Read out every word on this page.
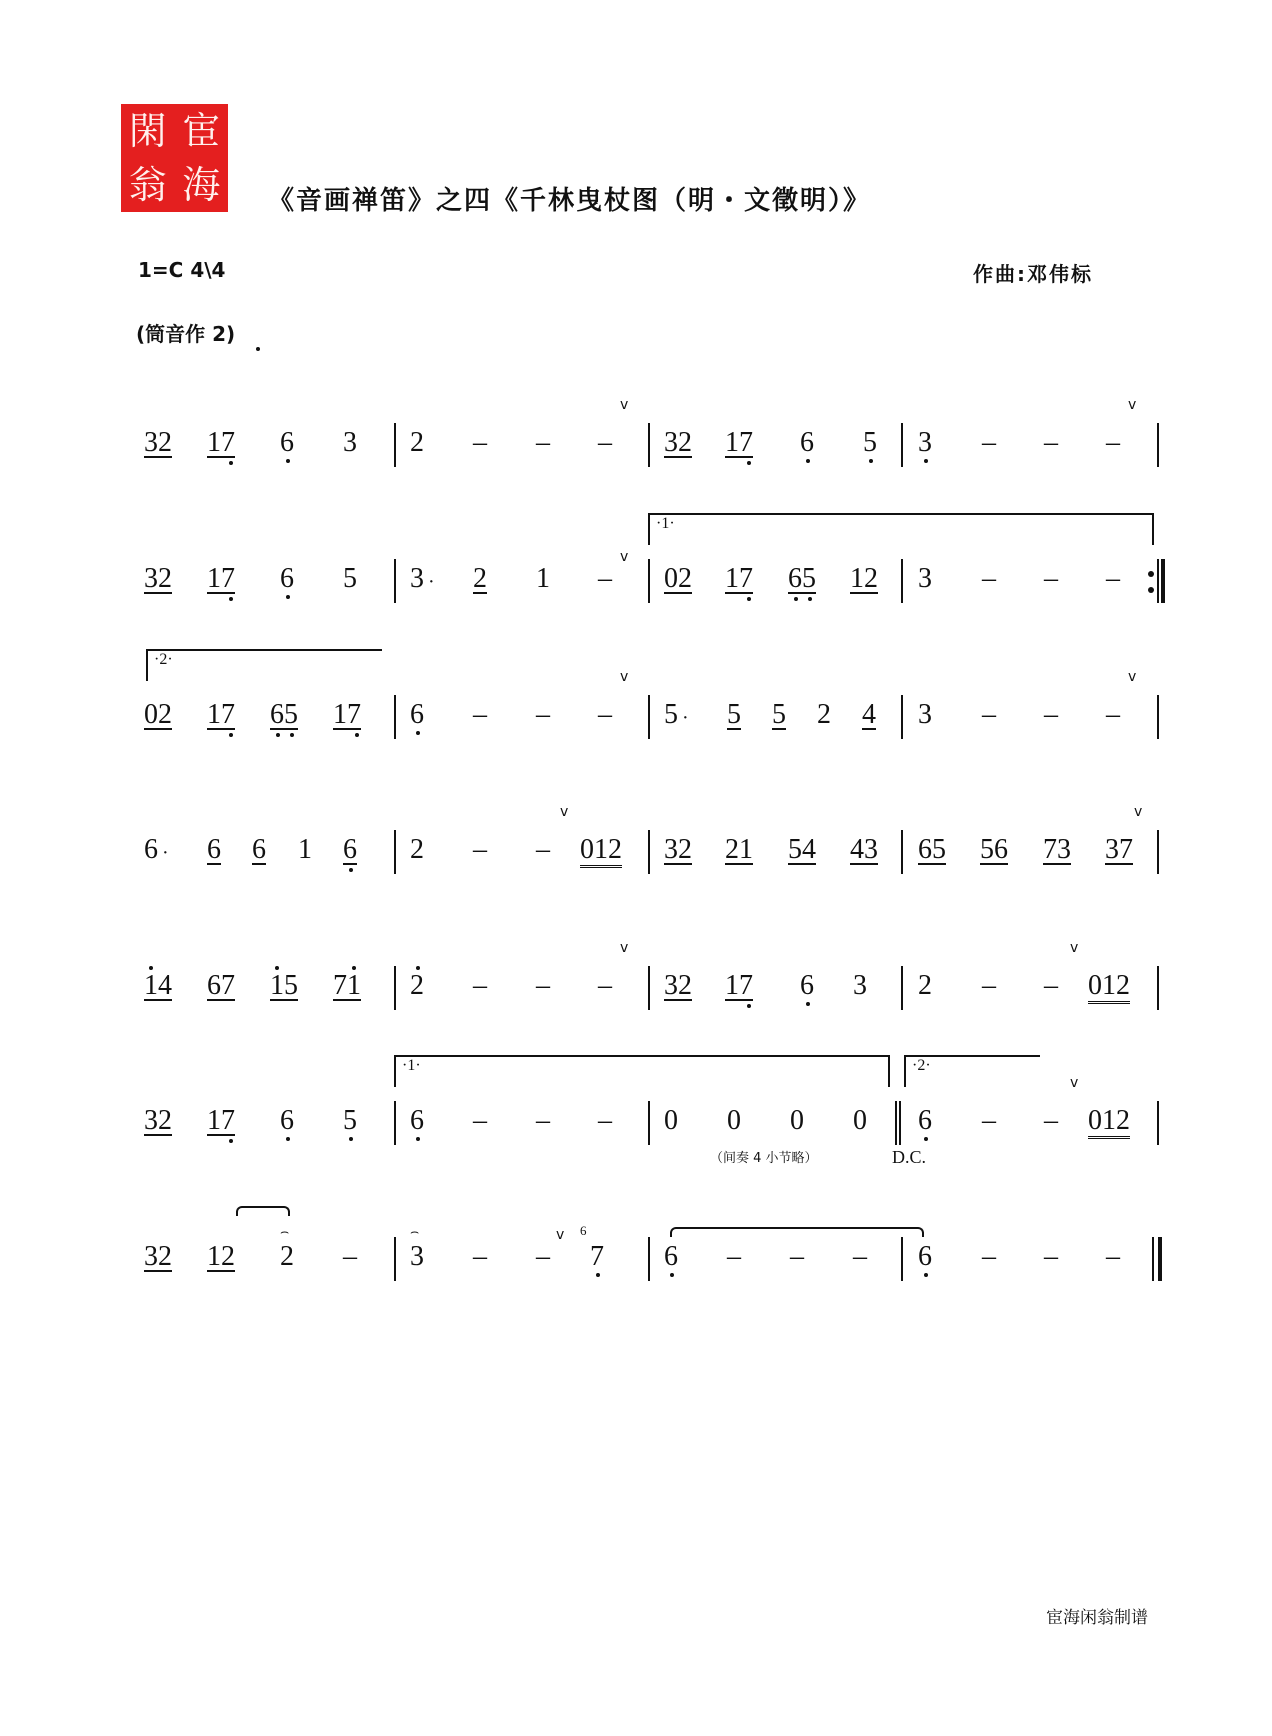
閑 宦
翁 海 《音画禅笛》之四《千林曳杖图（明・文徵明）》
1=C 4\4	作曲:邓伟标
(筒音作 2)
32 17 6 3 2 – – –
v
32 17 6 5 3 – – –
v
32 17 6 5 3 · 2 1 –
v
·1·
02 17 65 12 3 – – –
·2·
02 17 65 17 6 – – –
v
5 · 5 5 2 4 3 – – –
v
6 · 6 6 1 6 2 – –
v
012 32 21 54 43 65 56 73 37
v
14 67 15 71 2 – – –
v
32 17 6 3 2 – –
v
012
32 17 6 5
·1·
6 – – – 0 0 0 0
（间奏 4 小节略）	D.C.
·2·
6 – –
v
012
32 12
⌢
2 –
⌢
3 – –
v 6
7 6 – – – 6 – – –
宦海闲翁制谱
